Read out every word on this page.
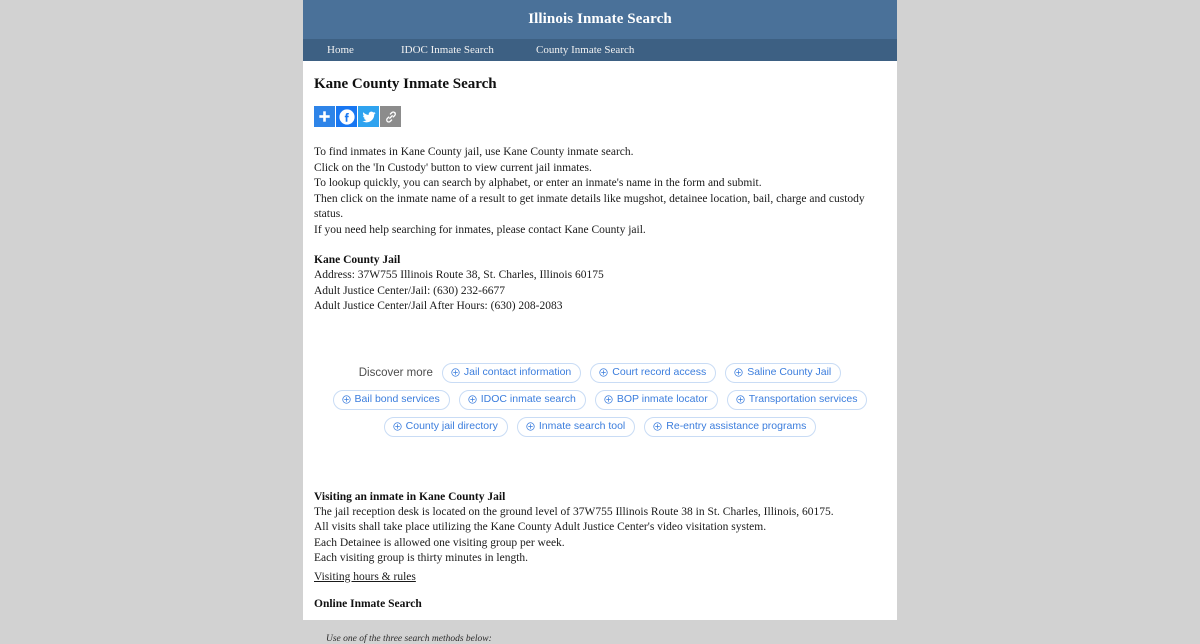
Illinois Inmate Search
Home	IDOC Inmate Search	County Inmate Search
Kane County Inmate Search
To find inmates in Kane County jail, use Kane County inmate search.
Click on the 'In Custody' button to view current jail inmates.
To lookup quickly, you can search by alphabet, or enter an inmate's name in the form and submit.
Then click on the inmate name of a result to get inmate details like mugshot, detainee location, bail, charge and custody status.
If you need help searching for inmates, please contact Kane County jail.
Kane County Jail
Address: 37W755 Illinois Route 38, St. Charles, Illinois 60175
Adult Justice Center/Jail: (630) 232-6677
Adult Justice Center/Jail After Hours: (630) 208-2083
Discover more	Jail contact information	Court record access	Saline County Jail
Bail bond services	IDOC inmate search	BOP inmate locator	Transportation services
County jail directory	Inmate search tool	Re-entry assistance programs
Visiting an inmate in Kane County Jail
The jail reception desk is located on the ground level of 37W755 Illinois Route 38 in St. Charles, Illinois, 60175.
All visits shall take place utilizing the Kane County Adult Justice Center's video visitation system.
Each Detainee is allowed one visiting group per week.
Each visiting group is thirty minutes in length.
Visiting hours & rules
Online Inmate Search
Use one of the three search methods below:
